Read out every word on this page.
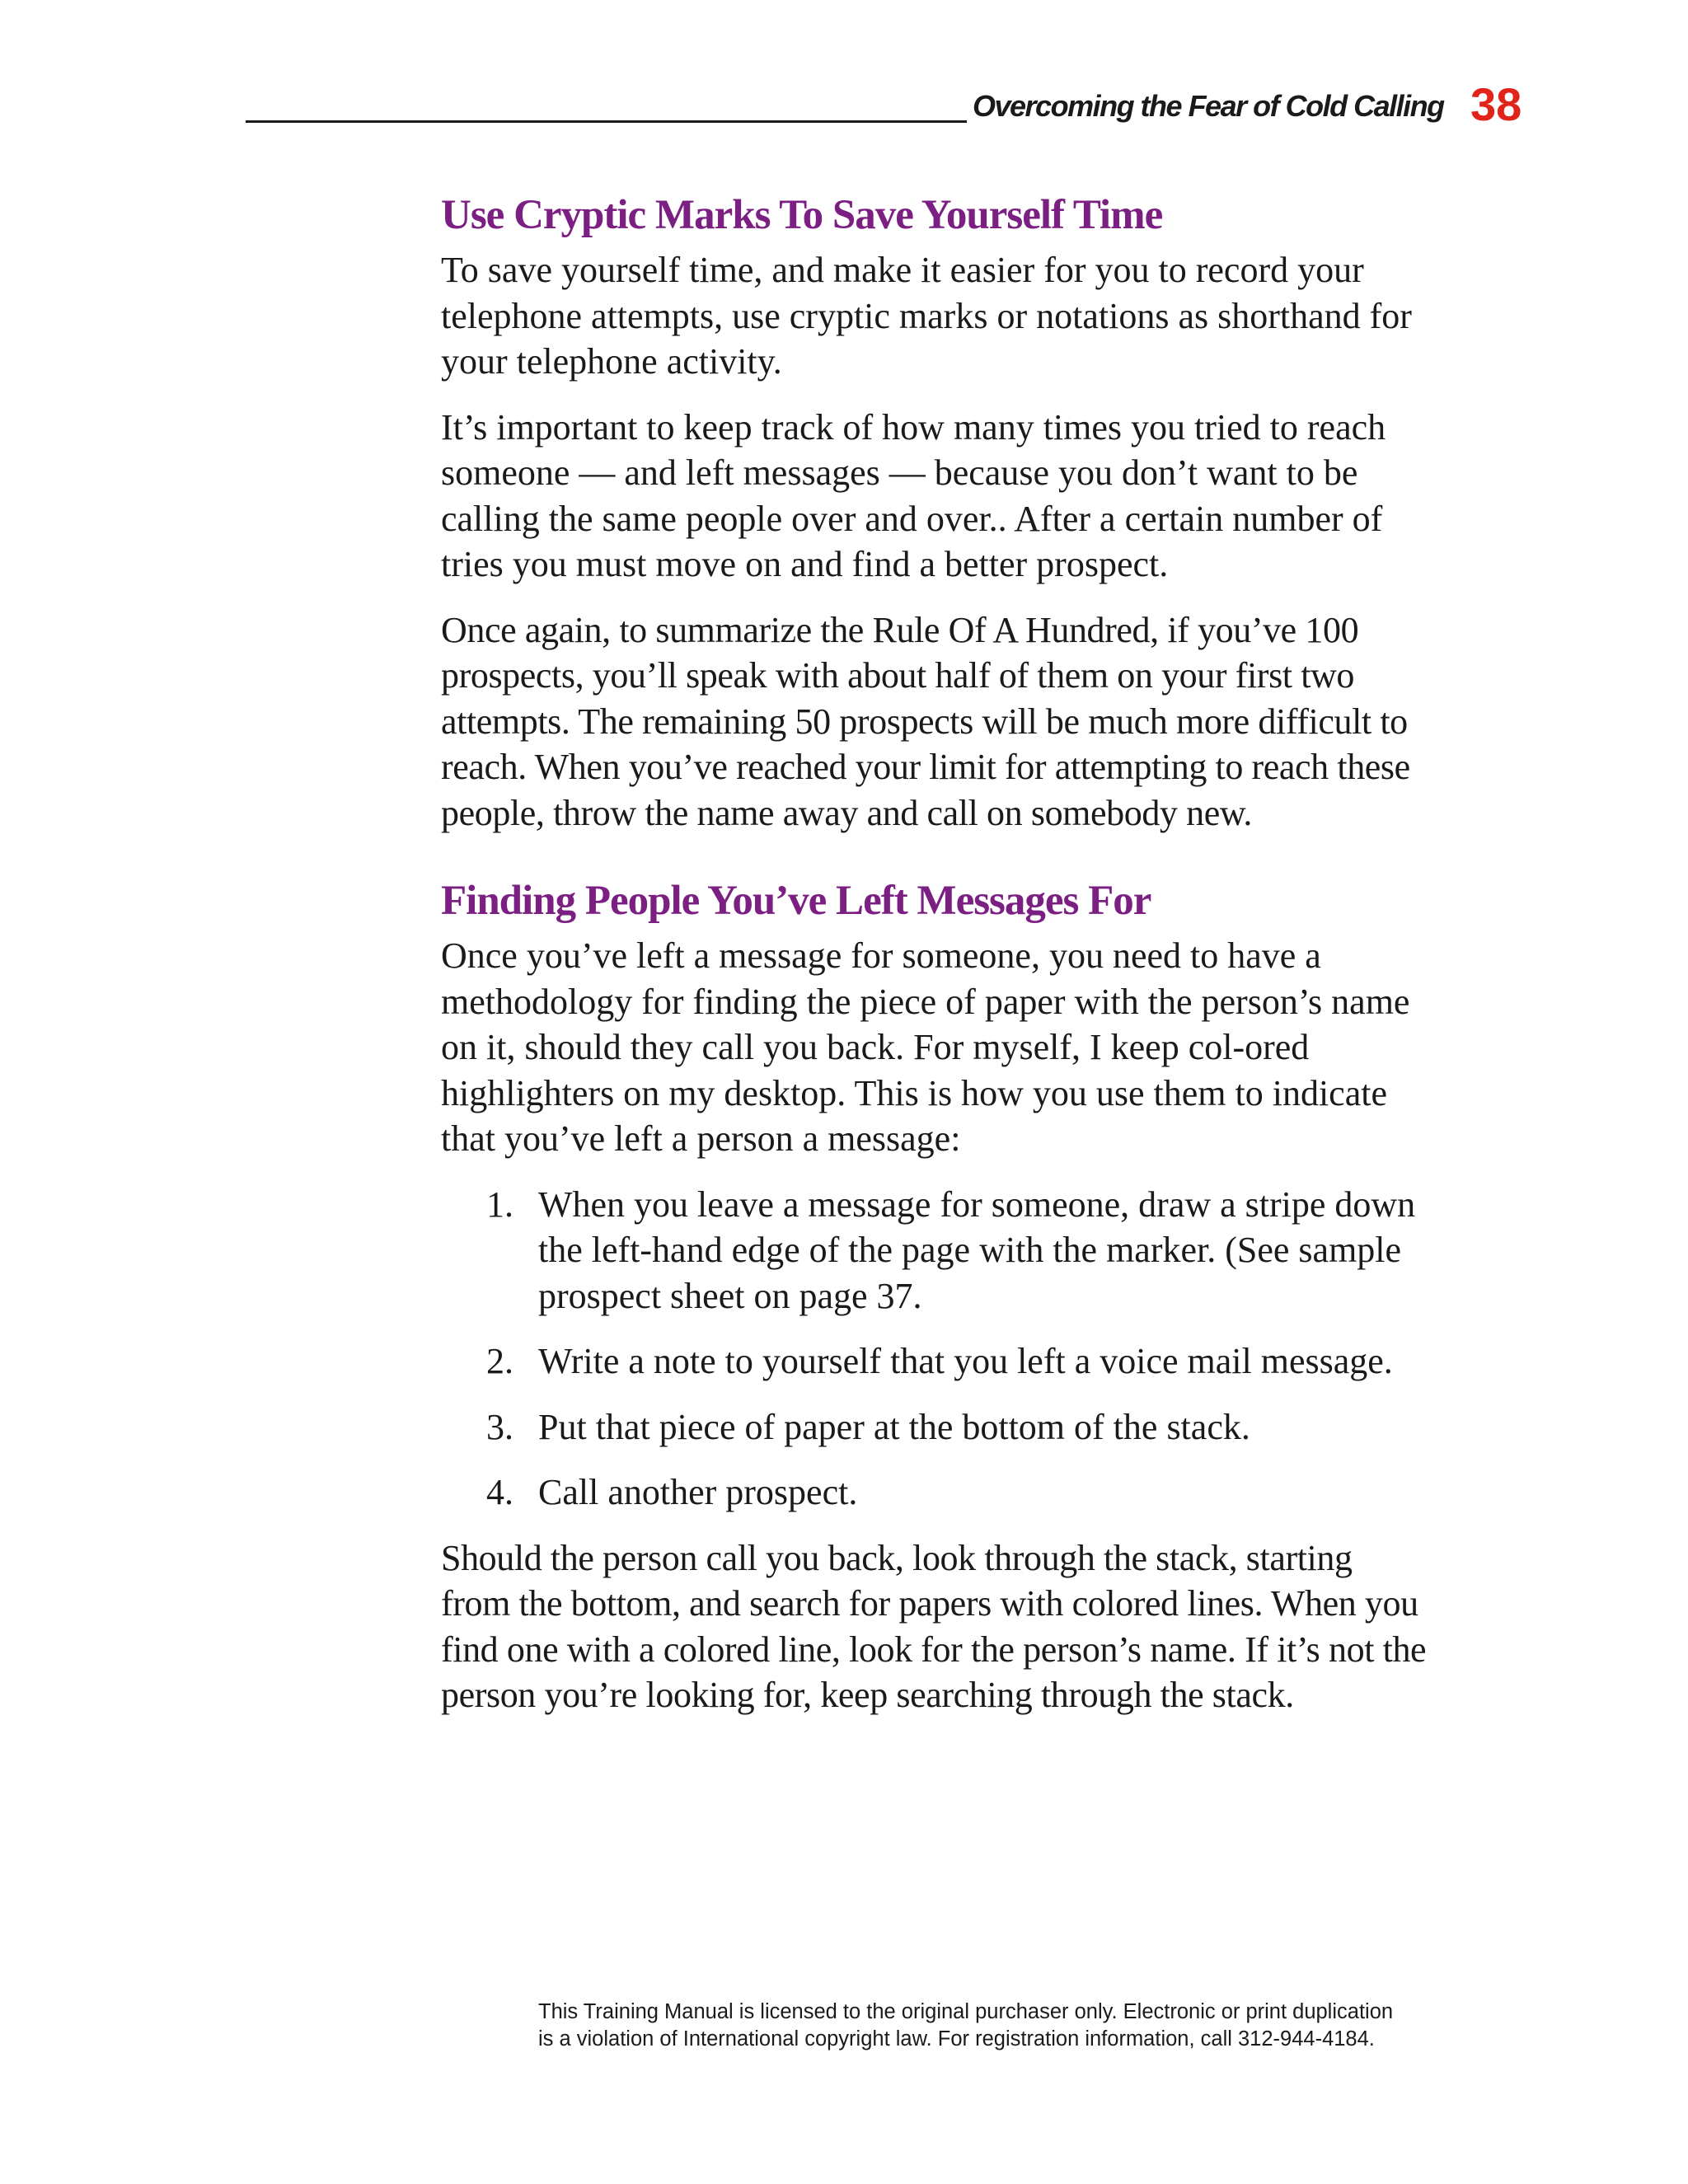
Overcoming the Fear of Cold Calling 38
Use Cryptic Marks To Save Yourself Time

To save yourself time, and make it easier for you to record your telephone attempts, use cryptic marks or notations as shorthand for your telephone activity.

It’s important to keep track of how many times you tried to reach someone — and left messages — because you don’t want to be calling the same people over and over.. After a certain number of tries you must move on and find a better prospect.

Once again, to summarize the Rule Of A Hundred, if you’ve 100 prospects, you’ll speak with about half of them on your first two attempts. The remaining 50 prospects will be much more difficult to reach. When you’ve reached your limit for attempting to reach these people, throw the name away and call on somebody new.

Finding People You’ve Left Messages For

Once you’ve left a message for someone, you need to have a methodology for finding the piece of paper with the person’s name on it, should they call you back. For myself, I keep col-ored highlighters on my desktop. This is how you use them to indicate that you’ve left a person a message:

1. When you leave a message for someone, draw a stripe down the left-hand edge of the page with the marker. (See sample prospect sheet on page 37.
2. Write a note to yourself that you left a voice mail message.
3. Put that piece of paper at the bottom of the stack.
4. Call another prospect.

Should the person call you back, look through the stack, starting from the bottom, and search for papers with colored lines. When you find one with a colored line, look for the person’s name. If it’s not the person you’re looking for, keep searching through the stack.

This Training Manual is licensed to the original purchaser only. Electronic or print duplication
is a violation of International copyright law. For registration information, call 312-944-4184.
